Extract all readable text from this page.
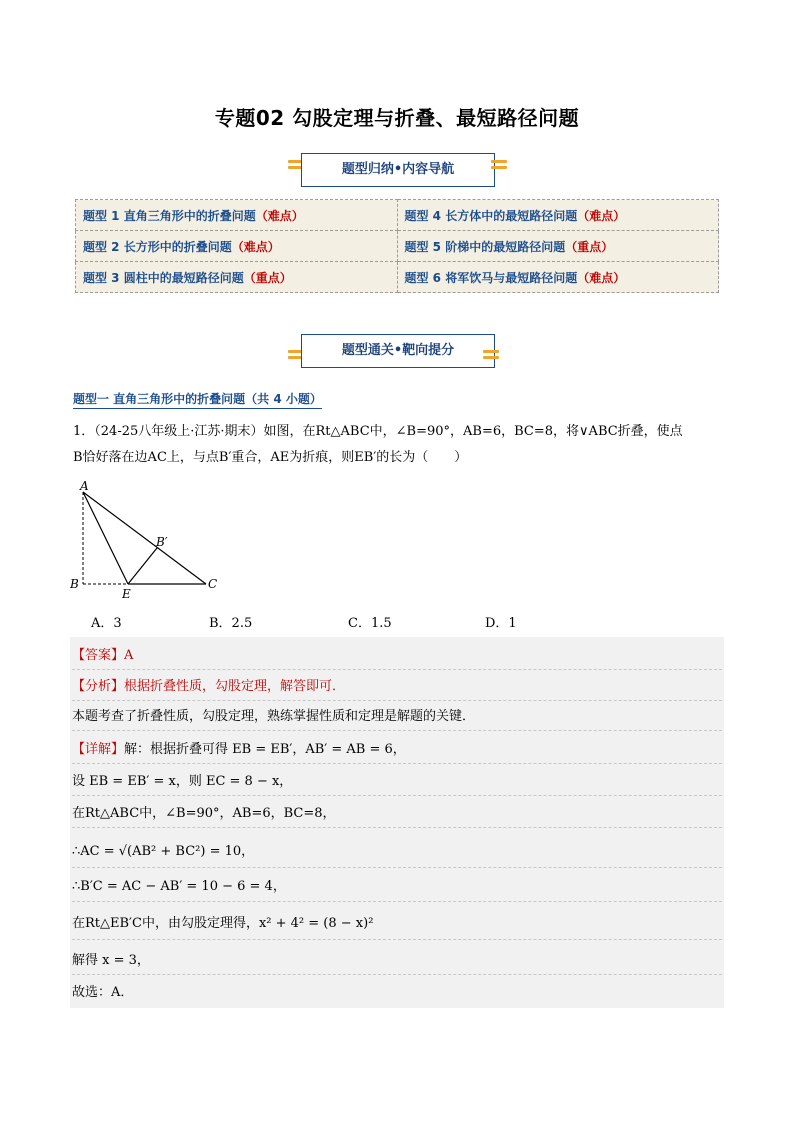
专题02 勾股定理与折叠、最短路径问题
题型归纳•内容导航
题型 1 直角三角形中的折叠问题（难点）	题型 4 长方体中的最短路径问题（难点）
题型 2 长方形中的折叠问题（难点）	题型 5 阶梯中的最短路径问题（重点）
题型 3 圆柱中的最短路径问题（重点）	题型 6 将军饮马与最短路径问题（难点）
题型通关•靶向提分
题型一 直角三角形中的折叠问题（共 4 小题）
1．（24-25八年级上·江苏·期末）如图，在Rt△ABC中，∠B=90°，AB=6，BC=8，将∨ABC折叠，使点
B恰好落在边AC上，与点B′重合，AE为折痕，则EB′的长为（　　）
A
B	C
E
B′
A．3	B．2.5	C．1.5	D．1
【答案】A
【分析】根据折叠性质，勾股定理，解答即可．
本题考查了折叠性质，勾股定理，熟练掌握性质和定理是解题的关键．
【详解】解：根据折叠可得 EB = EB′，AB′ = AB = 6，
设 EB = EB′ = x，则 EC = 8 − x，
在Rt△ABC中，∠B=90°，AB=6，BC=8，
∴AC = √(AB² + BC²) = 10，
∴B′C = AC − AB′ = 10 − 6 = 4，
在Rt△EB′C中，由勾股定理得，x² + 4² = (8 − x)²
解得 x = 3，
故选：A．
